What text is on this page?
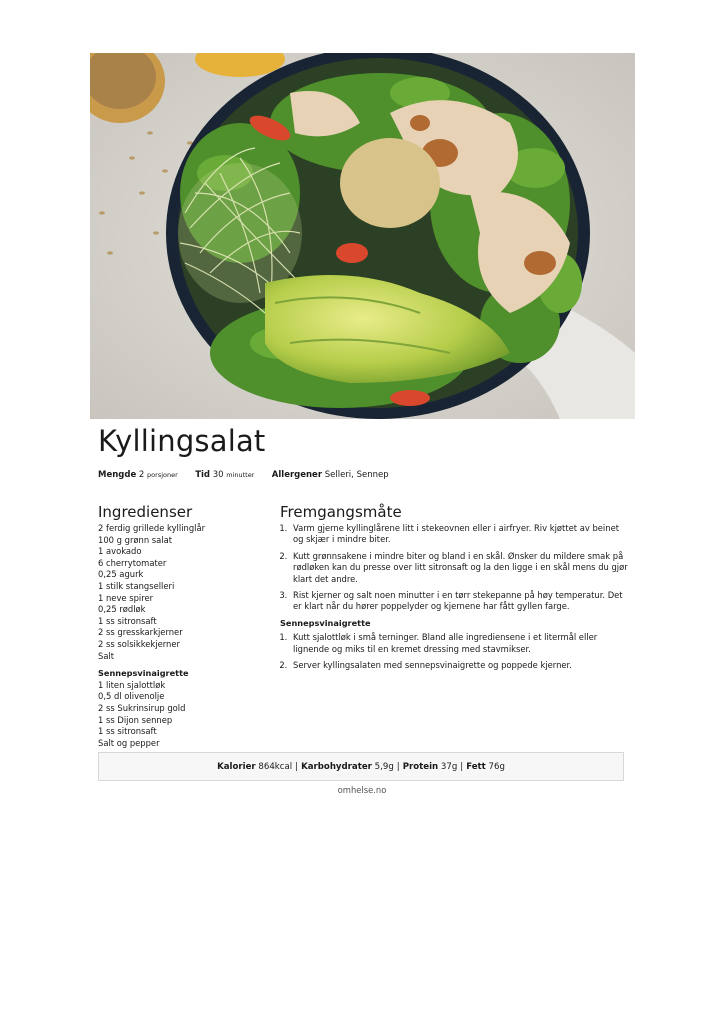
Kyllingsalat
Mengde 2 porsjoner Tid 30 minutter Allergener Selleri, Sennep
Ingredienser
2 ferdig grillede kyllinglår
100 g grønn salat
1 avokado
6 cherrytomater
0,25 agurk
1 stilk stangselleri
1 neve spirer
0,25 rødløk
1 ss sitronsaft
2 ss gresskarkjerner
2 ss solsikkekjerner
Salt
Sennepsvinaigrette
1 liten sjalottløk
0,5 dl olivenolje
2 ss Sukrinsirup gold
1 ss Dijon sennep
1 ss sitronsaft
Salt og pepper
Fremgangsmåte
1. Varm gjerne kyllinglårene litt i stekeovnen eller i airfryer. Riv kjøttet av beinet og skjær i mindre biter.
2. Kutt grønnsakene i mindre biter og bland i en skål. Ønsker du mildere smak på rødløken kan du presse over litt sitronsaft og la den ligge i en skål mens du gjør klart det andre.
3. Rist kjerner og salt noen minutter i en tørr stekepanne på høy temperatur. Det er klart når du hører poppelyder og kjernene har fått gyllen farge.
Sennepsvinaigrette
1. Kutt sjalottløk i små terninger. Bland alle ingrediensene i et litermål eller lignende og miks til en kremet dressing med stavmikser.
2. Server kyllingsalaten med sennepsvinaigrette og poppede kjerner.
Kalorier
864 kcal | Karbohydrater
5,9 g | Protein
37 g | Fett
76 g
omhelse.no
